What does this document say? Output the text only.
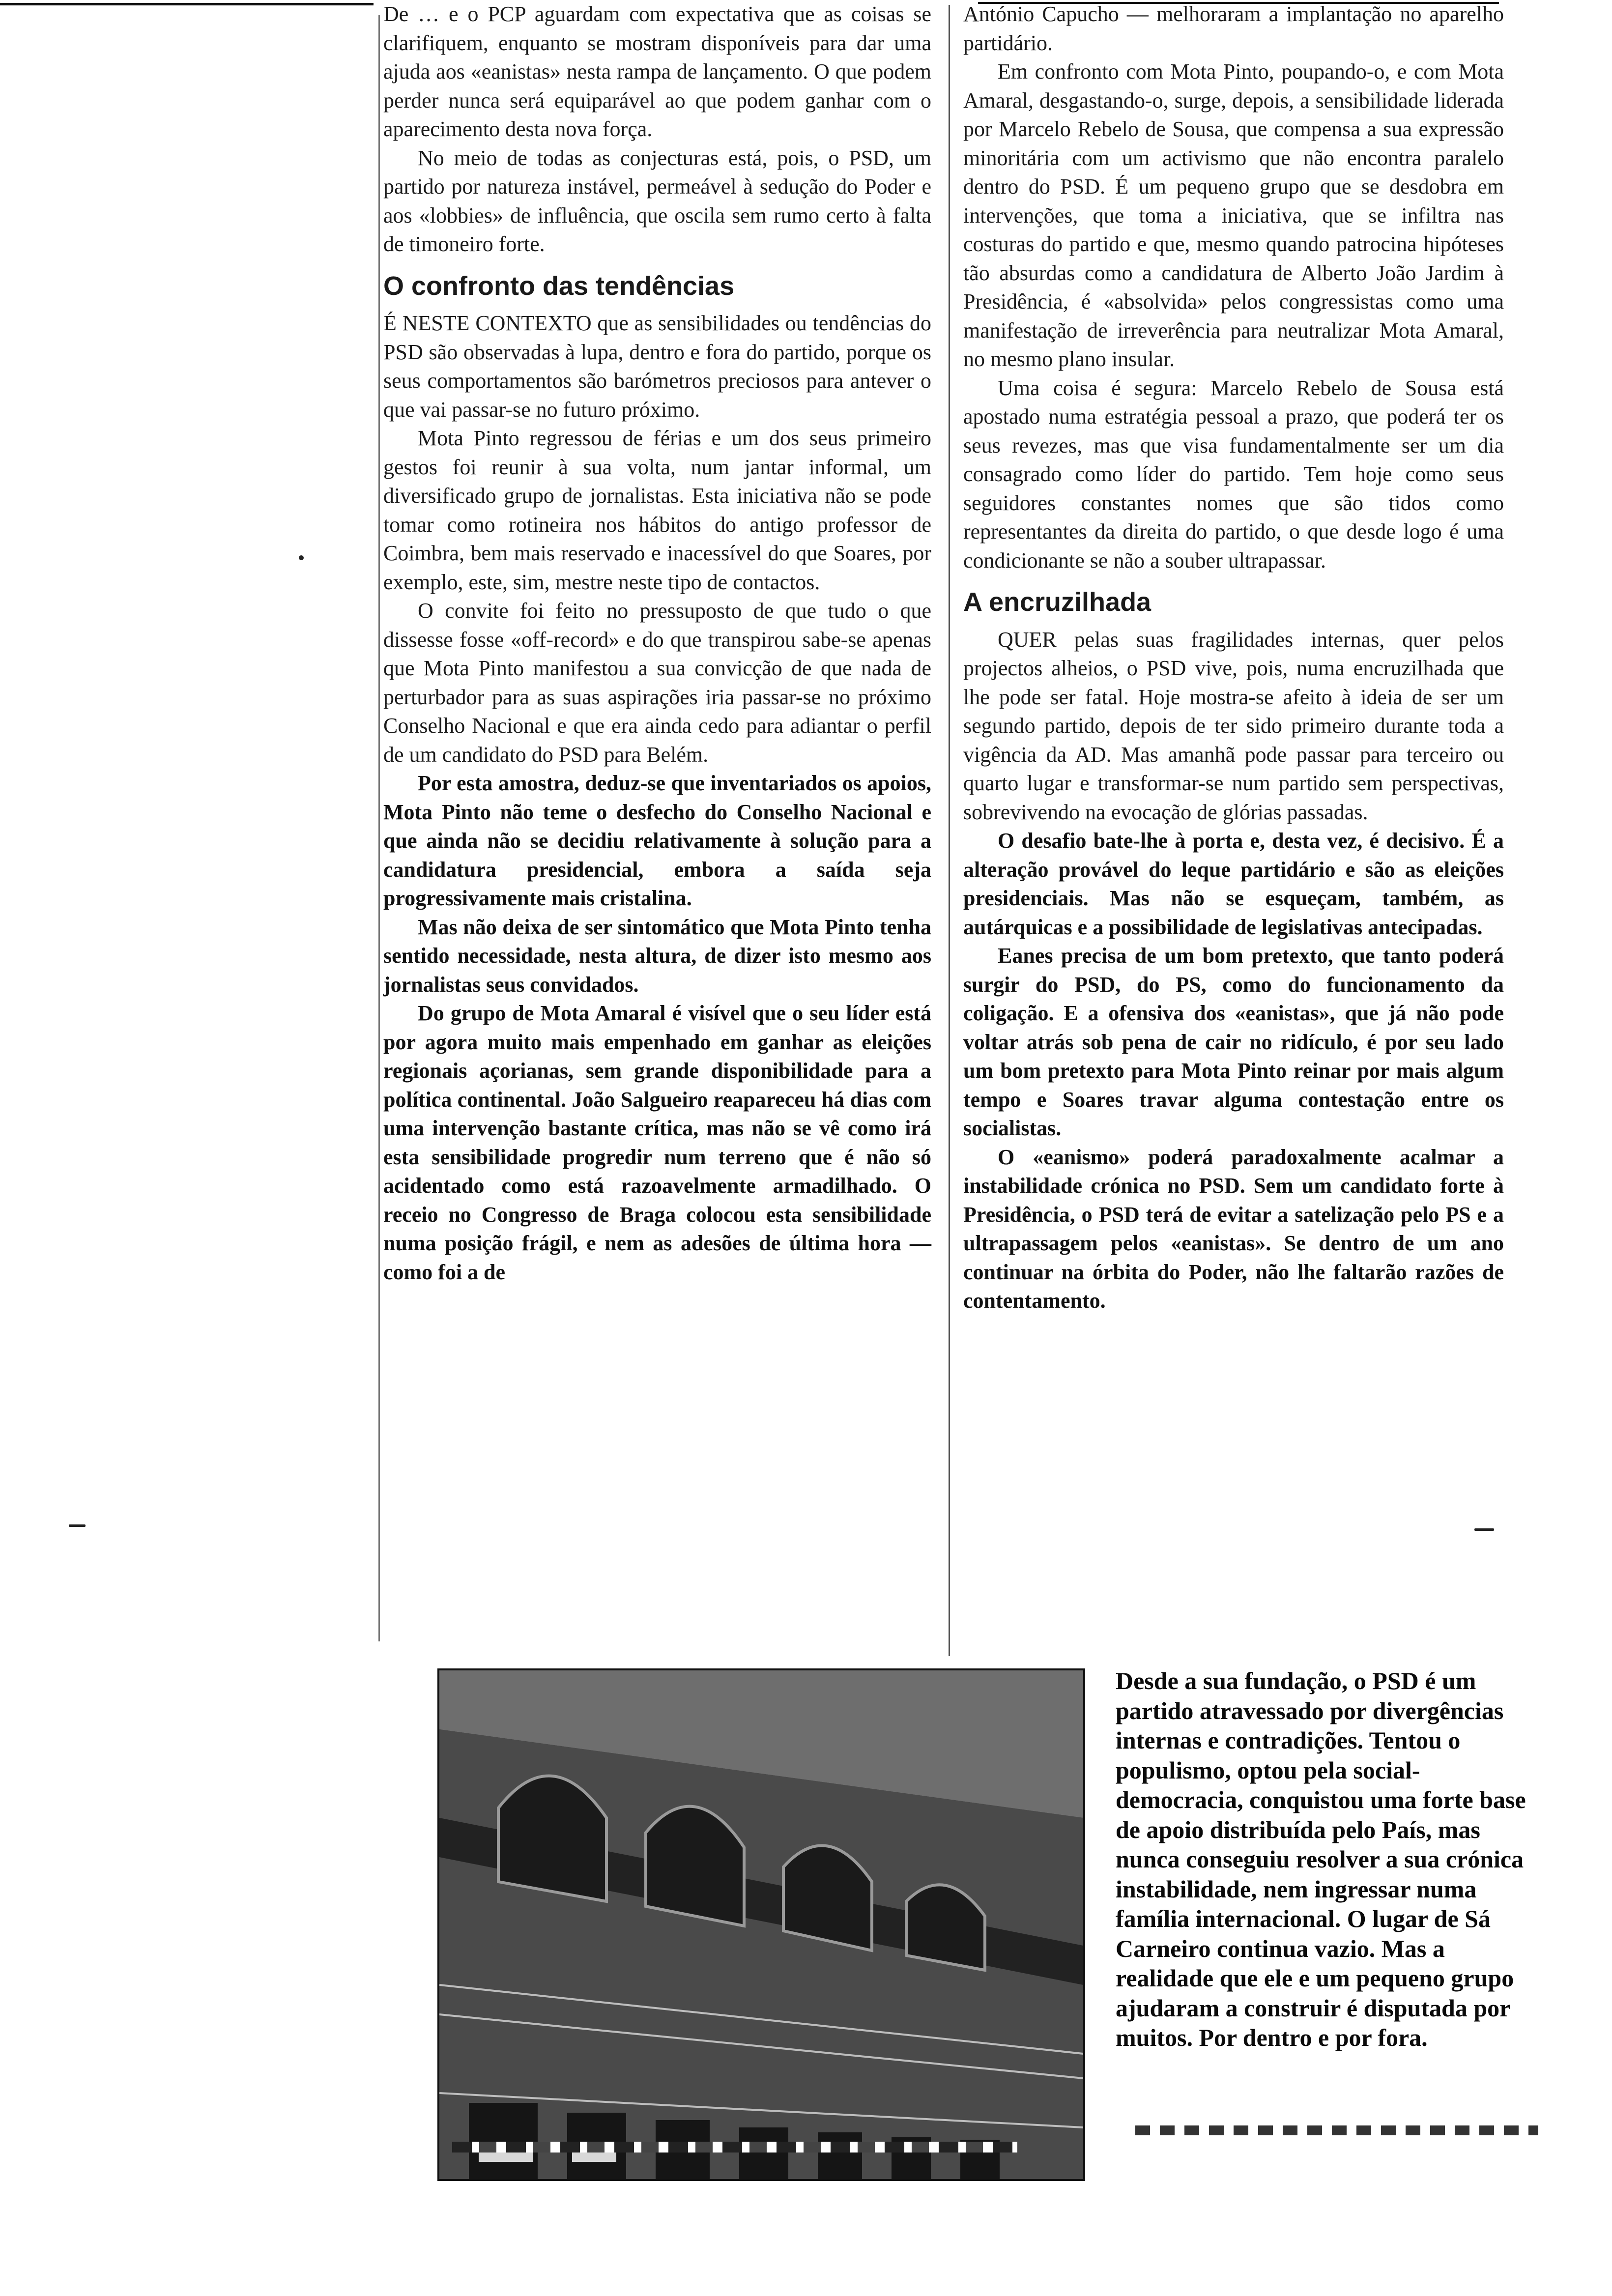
De … e o PCP aguardam com expectativa que as coisas se clarifiquem, enquanto se mostram disponíveis para dar uma ajuda aos «eanistas» nesta rampa de lançamento. O que podem perder nunca será equiparável ao que podem ganhar com o aparecimento desta nova força.

No meio de todas as conjecturas está, pois, o PSD, um partido por natureza instável, permeável à sedução do Poder e aos «lobbies» de influência, que oscila sem rumo certo à falta de timoneiro forte.

O confronto das tendências

É NESTE CONTEXTO que as sensibilidades ou tendências do PSD são observadas à lupa, dentro e fora do partido, porque os seus comportamentos são barómetros preciosos para antever o que vai passar-se no futuro próximo.

Mota Pinto regressou de férias e um dos seus primeiro gestos foi reunir à sua volta, num jantar informal, um diversificado grupo de jornalistas. Esta iniciativa não se pode tomar como rotineira nos hábitos do antigo professor de Coimbra, bem mais reservado e inacessível do que Soares, por exemplo, este, sim, mestre neste tipo de contactos.

O convite foi feito no pressuposto de que tudo o que dissesse fosse «off-record» e do que transpirou sabe-se apenas que Mota Pinto manifestou a sua convicção de que nada de perturbador para as suas aspirações iria passar-se no próximo Conselho Nacional e que era ainda cedo para adiantar o perfil de um candidato do PSD para Belém.

Por esta amostra, deduz-se que inventariados os apoios, Mota Pinto não teme o desfecho do Conselho Nacional e que ainda não se decidiu relativamente à solução para a candidatura presidencial, embora a saída seja progressivamente mais cristalina.

Mas não deixa de ser sintomático que Mota Pinto tenha sentido necessidade, nesta altura, de dizer isto mesmo aos jornalistas seus convidados.

Do grupo de Mota Amaral é visível que o seu líder está por agora muito mais empenhado em ganhar as eleições regionais açorianas, sem grande disponibilidade para a política continental. João Salgueiro reapareceu há dias com uma intervenção bastante crítica, mas não se vê como irá esta sensibilidade progredir num terreno que é não só acidentado como está razoavelmente armadilhado. O receio no Congresso de Braga colocou esta sensibilidade numa posição frágil, e nem as adesões de última hora — como foi a de

António Capucho — melhoraram a implantação no aparelho partidário.

Em confronto com Mota Pinto, poupando-o, e com Mota Amaral, desgastando-o, surge, depois, a sensibilidade liderada por Marcelo Rebelo de Sousa, que compensa a sua expressão minoritária com um activismo que não encontra paralelo dentro do PSD. É um pequeno grupo que se desdobra em intervenções, que toma a iniciativa, que se infiltra nas costuras do partido e que, mesmo quando patrocina hipóteses tão absurdas como a candidatura de Alberto João Jardim à Presidência, é «absolvida» pelos congressistas como uma manifestação de irreverência para neutralizar Mota Amaral, no mesmo plano insular.

Uma coisa é segura: Marcelo Rebelo de Sousa está apostado numa estratégia pessoal a prazo, que poderá ter os seus revezes, mas que visa fundamentalmente ser um dia consagrado como líder do partido. Tem hoje como seus seguidores constantes nomes que são tidos como representantes da direita do partido, o que desde logo é uma condicionante se não a souber ultrapassar.

A encruzilhada

QUER pelas suas fragilidades internas, quer pelos projectos alheios, o PSD vive, pois, numa encruzilhada que lhe pode ser fatal. Hoje mostra-se afeito à ideia de ser um segundo partido, depois de ter sido primeiro durante toda a vigência da AD. Mas amanhã pode passar para terceiro ou quarto lugar e transformar-se num partido sem perspectivas, sobrevivendo na evocação de glórias passadas.

O desafio bate-lhe à porta e, desta vez, é decisivo. É a alteração provável do leque partidário e são as eleições presidenciais. Mas não se esqueçam, também, as autárquicas e a possibilidade de legislativas antecipadas.

Eanes precisa de um bom pretexto, que tanto poderá surgir do PSD, do PS, como do funcionamento da coligação. E a ofensiva dos «eanistas», que já não pode voltar atrás sob pena de cair no ridículo, é por seu lado um bom pretexto para Mota Pinto reinar por mais algum tempo e Soares travar alguma contestação entre os socialistas.

O «eanismo» poderá paradoxalmente acalmar a instabilidade crónica no PSD. Sem um candidato forte à Presidência, o PSD terá de evitar a satelização pelo PS e a ultrapassagem pelos «eanistas». Se dentro de um ano continuar na órbita do Poder, não lhe faltarão razões de contentamento.

Desde a sua fundação, o PSD é um partido atravessado por divergências internas e contradições. Tentou o populismo, optou pela social-democracia, conquistou uma forte base de apoio distribuída pelo País, mas nunca conseguiu resolver a sua crónica instabilidade, nem ingressar numa família internacional. O lugar de Sá Carneiro continua vazio. Mas a realidade que ele e um pequeno grupo ajudaram a construir é disputada por muitos. Por dentro e por fora.
